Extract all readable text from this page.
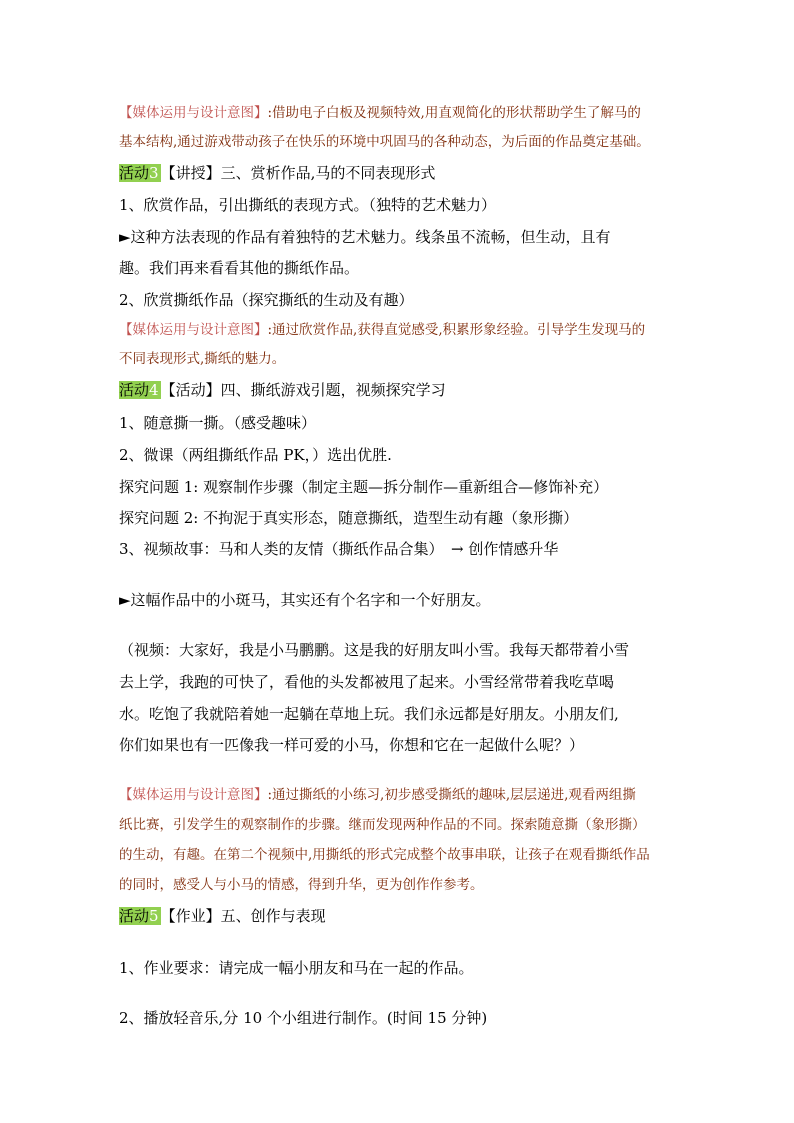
【媒体运用与设计意图】:借助电子白板及视频特效,用直观简化的形状帮助学生了解马的
基本结构,通过游戏带动孩子在快乐的环境中巩固马的各种动态，为后面的作品奠定基础。
活动3 【讲授】三、赏析作品,马的不同表现形式
1、欣赏作品，引出撕纸的表现方式。（独特的艺术魅力）
►这种方法表现的作品有着独特的艺术魅力。线条虽不流畅，但生动，且有
趣。我们再来看看其他的撕纸作品。
2、欣赏撕纸作品（探究撕纸的生动及有趣）
【媒体运用与设计意图】:通过欣赏作品,获得直觉感受,积累形象经验。引导学生发现马的
不同表现形式,撕纸的魅力。
活动4 【活动】四、撕纸游戏引题，视频探究学习
1、随意撕一撕。（感受趣味）
2、微课（两组撕纸作品 PK，）选出优胜.
探究问题 1: 观察制作步骤（制定主题—拆分制作—重新组合—修饰补充）
探究问题 2: 不拘泥于真实形态，随意撕纸，造型生动有趣（象形撕）
3、视频故事：马和人类的友情（撕纸作品合集）　→ 创作情感升华
►这幅作品中的小斑马，其实还有个名字和一个好朋友。
（视频：大家好，我是小马鹏鹏。这是我的好朋友叫小雪。我每天都带着小雪
去上学，我跑的可快了，看他的头发都被甩了起来。小雪经常带着我吃草喝
水。吃饱了我就陪着她一起躺在草地上玩。我们永远都是好朋友。小朋友们,
你们如果也有一匹像我一样可爱的小马，你想和它在一起做什么呢？）
【媒体运用与设计意图】:通过撕纸的小练习,初步感受撕纸的趣味,层层递进,观看两组撕
纸比赛，引发学生的观察制作的步骤。继而发现两种作品的不同。探索随意撕（象形撕）
的生动，有趣。在第二个视频中,用撕纸的形式完成整个故事串联，让孩子在观看撕纸作品
的同时，感受人与小马的情感，得到升华，更为创作作参考。
活动5 【作业】五、创作与表现
1、作业要求：请完成一幅小朋友和马在一起的作品。
2、播放轻音乐,分 10 个小组进行制作。(时间 15 分钟)
